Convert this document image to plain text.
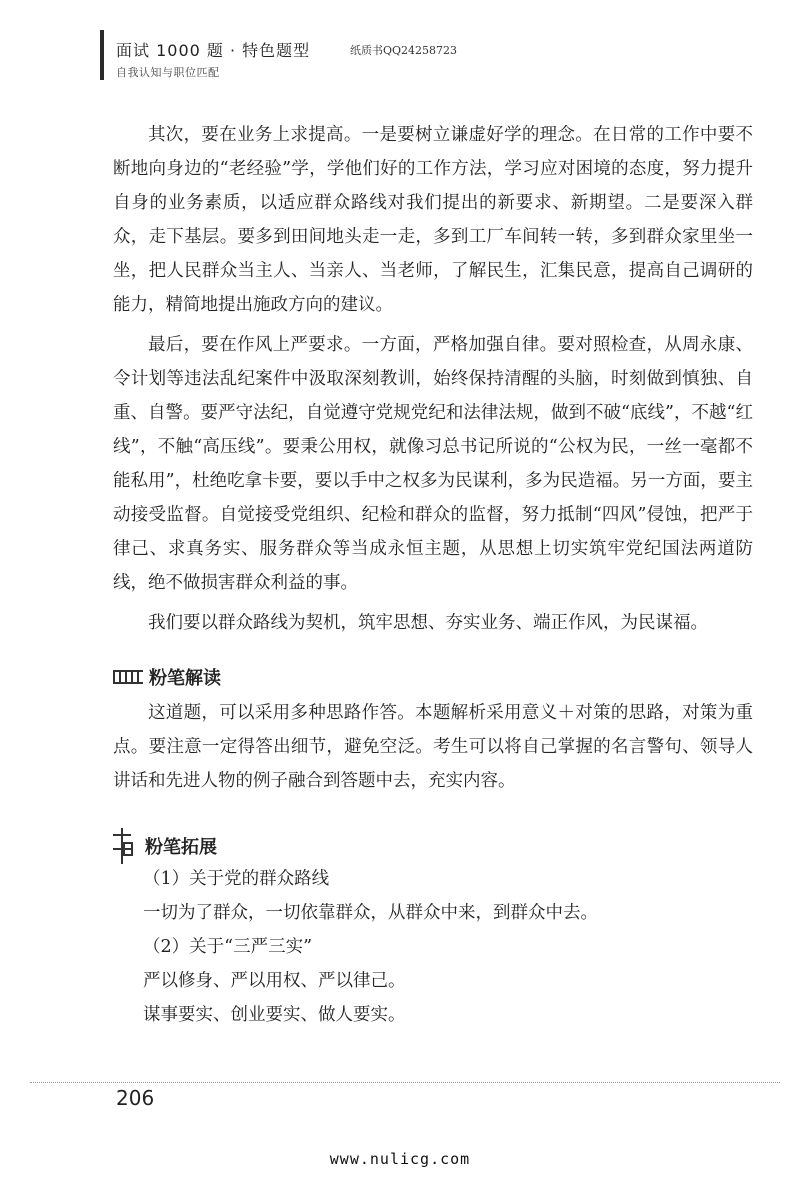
面试 1000 题 · 特色题型
自我认知与职位匹配
纸质书QQ24258723

其次，要在业务上求提高。一是要树立谦虚好学的理念。在日常的工作中要不断地向身边的“老经验”学，学他们好的工作方法，学习应对困境的态度，努力提升自身的业务素质，以适应群众路线对我们提出的新要求、新期望。二是要深入群众，走下基层。要多到田间地头走一走，多到工厂车间转一转，多到群众家里坐一坐，把人民群众当主人、当亲人、当老师，了解民生，汇集民意，提高自己调研的能力，精简地提出施政方向的建议。

最后，要在作风上严要求。一方面，严格加强自律。要对照检查，从周永康、令计划等违法乱纪案件中汲取深刻教训，始终保持清醒的头脑，时刻做到慎独、自重、自警。要严守法纪，自觉遵守党规党纪和法律法规，做到不破“底线”，不越“红线”，不触“高压线”。要秉公用权，就像习总书记所说的“公权为民，一丝一毫都不能私用”，杜绝吃拿卡要，要以手中之权多为民谋利，多为民造福。另一方面，要主动接受监督。自觉接受党组织、纪检和群众的监督，努力抵制“四风”侵蚀，把严于律己、求真务实、服务群众等当成永恒主题，从思想上切实筑牢党纪国法两道防线，绝不做损害群众利益的事。

我们要以群众路线为契机，筑牢思想、夯实业务、端正作风，为民谋福。

粉笔解读

这道题，可以采用多种思路作答。本题解析采用意义＋对策的思路，对策为重点。要注意一定得答出细节，避免空泛。考生可以将自己掌握的名言警句、领导人讲话和先进人物的例子融合到答题中去，充实内容。

粉笔拓展
（1）关于党的群众路线
一切为了群众，一切依靠群众，从群众中来，到群众中去。
（2）关于“三严三实”
严以修身、严以用权、严以律己。
谋事要实、创业要实、做人要实。
206
www.nulicg.com
